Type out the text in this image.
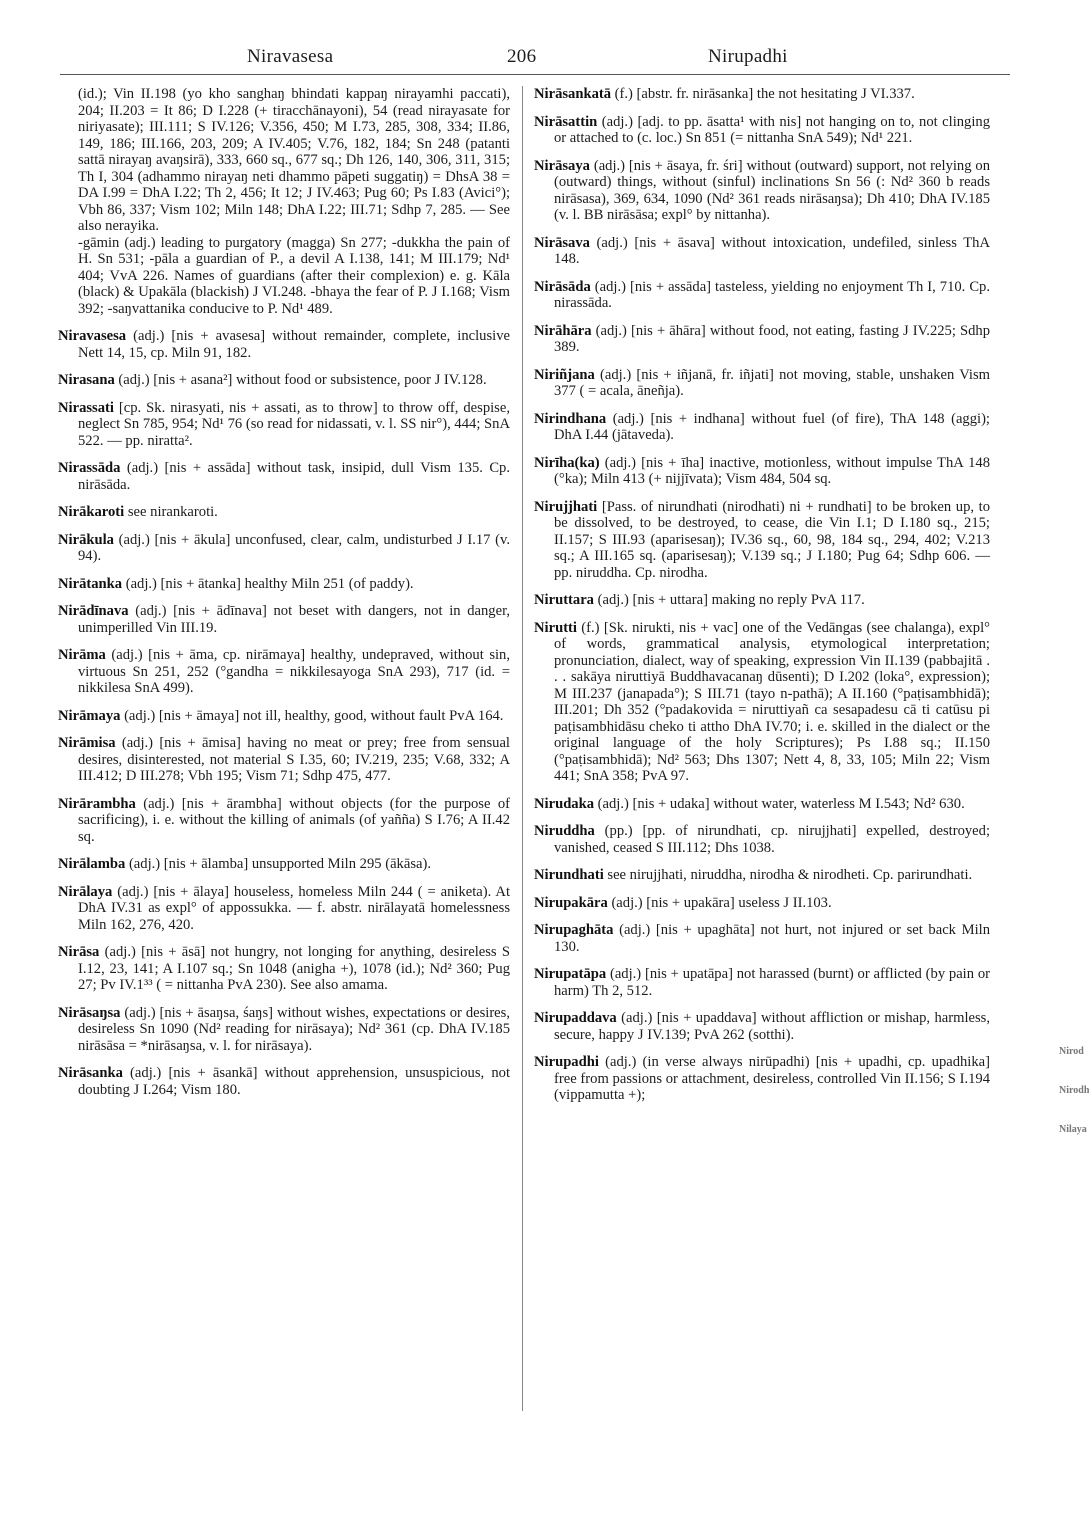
Niravasesa	206	Nirupadhi

(id.); Vin II.198 (yo kho sanghaŋ bhindati kappaŋ nirayamhi paccati), 204; II.203 = It 86; D I.228 (+ tiracchānayoni), 54 (read nirayasate for niriyasate); III.111; S IV.126; V.356, 450; M I.73, 285, 308, 334; II.86, 149, 186; III.166, 203, 209; A IV.405; V.76, 182, 184; Sn 248 (patanti sattā nirayaŋ avaŋsirā), 333, 660 sq., 677 sq.; Dh 126, 140, 306, 311, 315; Th I, 304 (adhammo nirayaŋ neti dhammo pāpeti suggatiŋ) = DhsA 38 = DA I.99 = DhA I.22; Th 2, 456; It 12; J IV.463; Pug 60; Ps I.83 (Avici°); Vbh 86, 337; Vism 102; Miln 148; DhA I.22; III.71; Sdhp 7, 285. — See also nerayika.

-gāmin (adj.) leading to purgatory (magga) Sn 277; -dukkha the pain of H. Sn 531; -pāla a guardian of P., a devil A I.138, 141; M III.179; Nd¹ 404; VvA 226. Names of guardians (after their complexion) e. g. Kāla (black) & Upakāla (blackish) J VI.248. -bhaya the fear of P. J I.168; Vism 392; -saŋvattanika conducive to P. Nd¹ 489.

Niravasesa (adj.) [nis + avasesa] without remainder, complete, inclusive Nett 14, 15, cp. Miln 91, 182.

Nirasana (adj.) [nis + asana²] without food or subsistence, poor J IV.128.

Nirassati [cp. Sk. nirasyati, nis + assati, as to throw] to throw off, despise, neglect Sn 785, 954; Nd¹ 76 (so read for nidassati, v. l. SS nir°), 444; SnA 522. — pp. niratta².

Nirassāda (adj.) [nis + assāda] without task, insipid, dull Vism 135. Cp. nirāsāda.

Nirākaroti see nirankaroti.

Nirākula (adj.) [nis + ākula] unconfused, clear, calm, undisturbed J I.17 (v. 94).

Nirātanka (adj.) [nis + ātanka] healthy Miln 251 (of paddy).

Nirādīnava (adj.) [nis + ādīnava] not beset with dangers, not in danger, unimperilled Vin III.19.

Nirāma (adj.) [nis + āma, cp. nirāmaya] healthy, undepraved, without sin, virtuous Sn 251, 252 (°gandha = nikkilesayoga SnA 293), 717 (id. = nikkilesa SnA 499).

Nirāmaya (adj.) [nis + āmaya] not ill, healthy, good, without fault PvA 164.

Nirāmisa (adj.) [nis + āmisa] having no meat or prey; free from sensual desires, disinterested, not material S I.35, 60; IV.219, 235; V.68, 332; A III.412; D III.278; Vbh 195; Vism 71; Sdhp 475, 477.

Nirārambha (adj.) [nis + ārambha] without objects (for the purpose of sacrificing), i. e. without the killing of animals (of yañña) S I.76; A II.42 sq.

Nirālamba (adj.) [nis + ālamba] unsupported Miln 295 (ākāsa).

Nirālaya (adj.) [nis + ālaya] houseless, homeless Miln 244 ( = aniketa). At DhA IV.31 as expl° of appossukka. — f. abstr. nirālayatā homelessness Miln 162, 276, 420.

Nirāsa (adj.) [nis + āsā] not hungry, not longing for anything, desireless S I.12, 23, 141; A I.107 sq.; Sn 1048 (anigha +), 1078 (id.); Nd² 360; Pug 27; Pv IV.1³³ ( = nittanha PvA 230). See also amama.

Nirāsaŋsa (adj.) [nis + āsaŋsa, śaŋs] without wishes, expectations or desires, desireless Sn 1090 (Nd² reading for nirāsaya); Nd² 361 (cp. DhA IV.185 nirāsāsa = *nirāsaŋsa, v. l. for nirāsaya).

Nirāsanka (adj.) [nis + āsankā] without apprehension, unsuspicious, not doubting J I.264; Vism 180.

Nirāsankatā (f.) [abstr. fr. nirāsanka] the not hesitating J VI.337.

Nirāsattin (adj.) [adj. to pp. āsatta¹ with nis] not hanging on to, not clinging or attached to (c. loc.) Sn 851 (= nittanha SnA 549); Nd¹ 221.

Nirāsaya (adj.) [nis + āsaya, fr. śri] without (outward) support, not relying on (outward) things, without (sinful) inclinations Sn 56 (: Nd² 360 b reads nirāsasa), 369, 634, 1090 (Nd² 361 reads nirāsaŋsa); Dh 410; DhA IV.185 (v. l. BB nirāsāsa; expl° by nittanha).

Nirāsava (adj.) [nis + āsava] without intoxication, undefiled, sinless ThA 148.

Nirāsāda (adj.) [nis + assāda] tasteless, yielding no enjoyment Th I, 710. Cp. nirassāda.

Nirāhāra (adj.) [nis + āhāra] without food, not eating, fasting J IV.225; Sdhp 389.

Niriñjana (adj.) [nis + iñjanā, fr. iñjati] not moving, stable, unshaken Vism 377 ( = acala, āneñja).

Nirindhana (adj.) [nis + indhana] without fuel (of fire), ThA 148 (aggi); DhA I.44 (jātaveda).

Nirīha(ka) (adj.) [nis + īha] inactive, motionless, without impulse ThA 148 (°ka); Miln 413 (+ nijjīvata); Vism 484, 504 sq.

Nirujjhati [Pass. of nirundhati (nirodhati) ni + rundhati] to be broken up, to be dissolved, to be destroyed, to cease, die Vin I.1; D I.180 sq., 215; II.157; S III.93 (aparisesaŋ); IV.36 sq., 60, 98, 184 sq., 294, 402; V.213 sq.; A III.165 sq. (aparisesaŋ); V.139 sq.; J I.180; Pug 64; Sdhp 606. — pp. niruddha. Cp. nirodha.

Niruttara (adj.) [nis + uttara] making no reply PvA 117.

Nirutti (f.) [Sk. nirukti, nis + vac] one of the Vedāngas (see chalanga), expl° of words, grammatical analysis, etymological interpretation; pronunciation, dialect, way of speaking, expression Vin II.139 (pabbajitā . . . sakāya niruttiyā Buddhavacanaŋ dūsenti); D I.202 (loka°, expression); M III.237 (janapada°); S III.71 (tayo n-pathā); A II.160 (°paṭisambhidā); III.201; Dh 352 (°padakovida = niruttiyañ ca sesapadesu cā ti catūsu pi paṭisambhidāsu cheko ti attho DhA IV.70; i. e. skilled in the dialect or the original language of the holy Scriptures); Ps I.88 sq.; II.150 (°paṭisambhidā); Nd² 563; Dhs 1307; Nett 4, 8, 33, 105; Miln 22; Vism 441; SnA 358; PvA 97.

Nirudaka (adj.) [nis + udaka] without water, waterless M I.543; Nd² 630.

Niruddha (pp.) [pp. of nirundhati, cp. nirujjhati] expelled, destroyed; vanished, ceased S III.112; Dhs 1038.

Nirundhati see nirujjhati, niruddha, nirodha & nirodheti. Cp. parirundhati.

Nirupakāra (adj.) [nis + upakāra] useless J II.103.

Nirupaghāta (adj.) [nis + upaghāta] not hurt, not injured or set back Miln 130.

Nirupatāpa (adj.) [nis + upatāpa] not harassed (burnt) or afflicted (by pain or harm) Th 2, 512.

Nirupaddava (adj.) [nis + upaddava] without affliction or mishap, harmless, secure, happy J IV.139; PvA 262 (sotthi).

Nirupadhi (adj.) (in verse always nirūpadhi) [nis + upadhi, cp. upadhika] free from passions or attachment, desireless, controlled Vin II.156; S I.194 (vippamutta +);

Nirod
Nirodh
Nilaya
